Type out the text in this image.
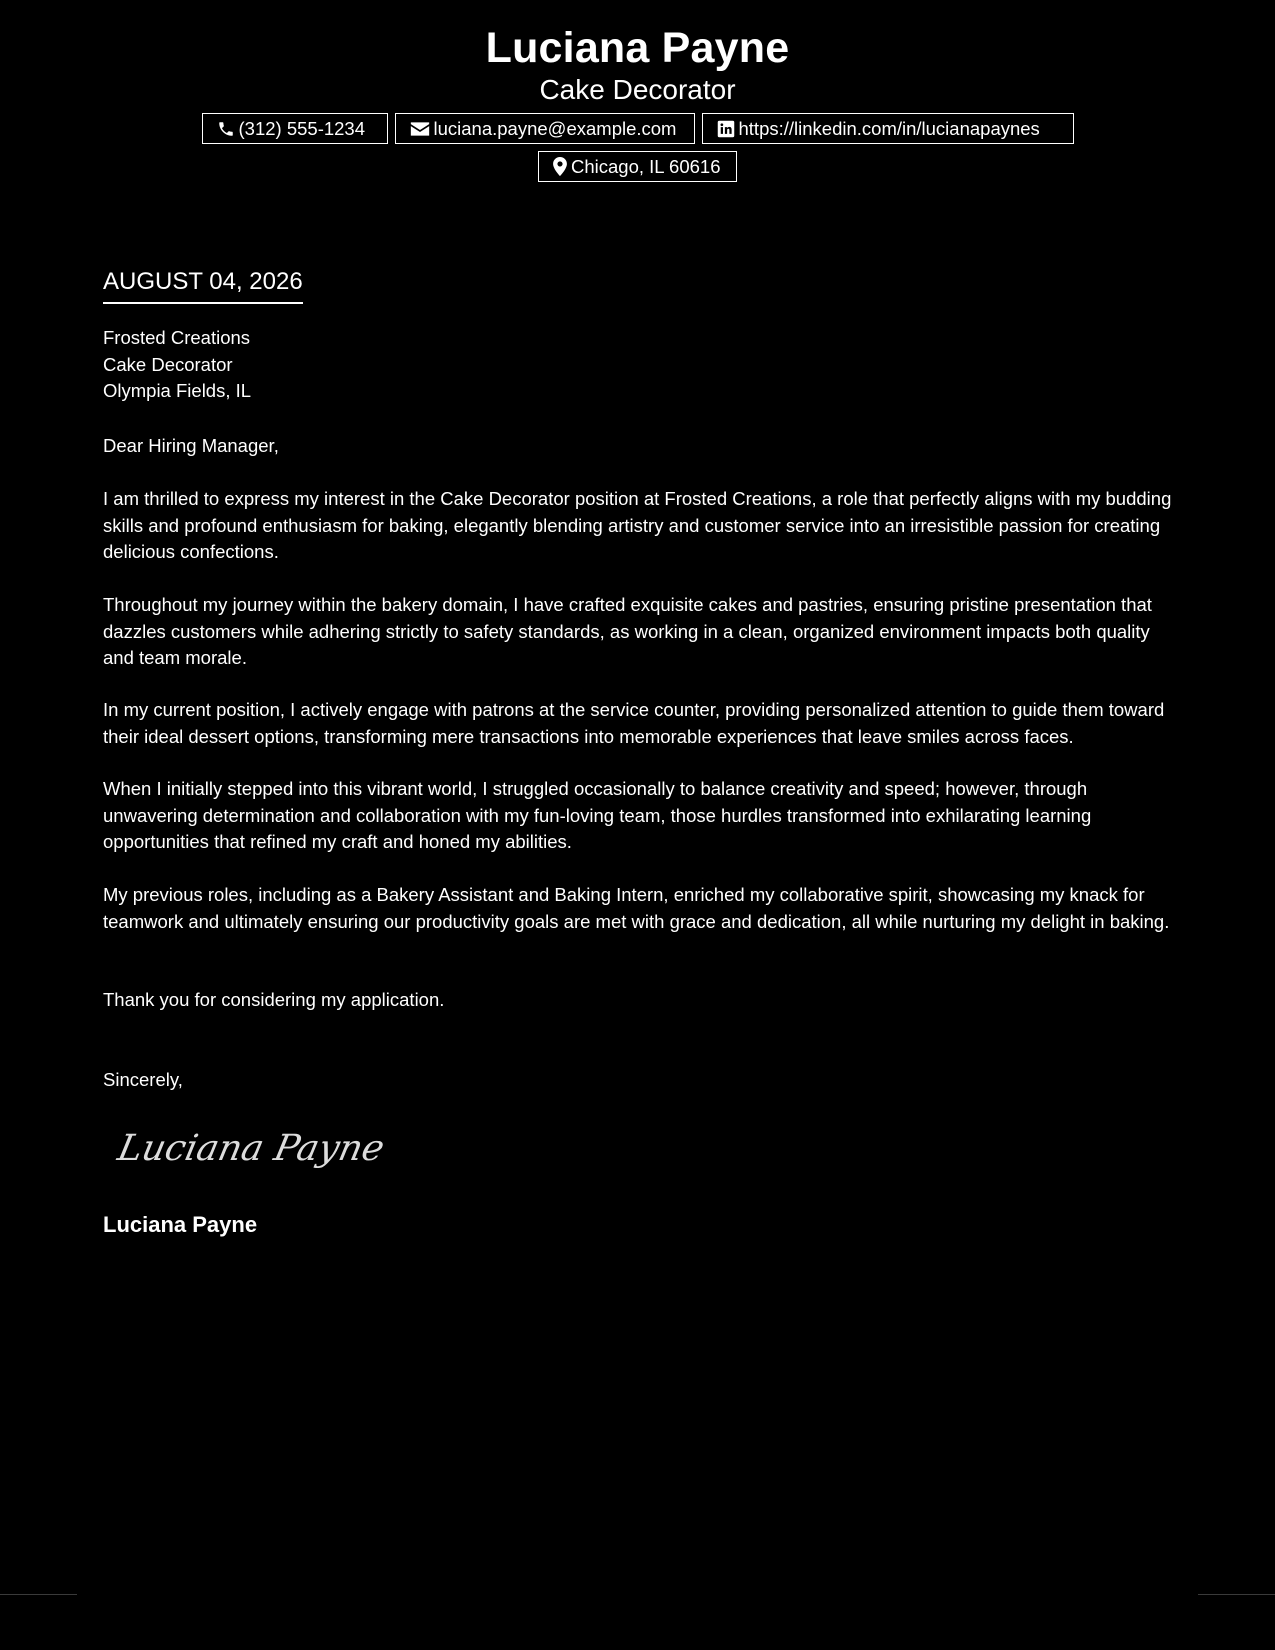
Luciana Payne
Cake Decorator
(312) 555-1234	luciana.payne@example.com	https://linkedin.com/in/lucianapaynes
Chicago, IL 60616
AUGUST 04, 2026
Frosted Creations
Cake Decorator
Olympia Fields, IL

Dear Hiring Manager,

I am thrilled to express my interest in the Cake Decorator position at Frosted Creations, a role that perfectly aligns with my budding skills and profound enthusiasm for baking, elegantly blending artistry and customer service into an irresistible passion for creating delicious confections.

Throughout my journey within the bakery domain, I have crafted exquisite cakes and pastries, ensuring pristine presentation that dazzles customers while adhering strictly to safety standards, as working in a clean, organized environment impacts both quality and team morale.

In my current position, I actively engage with patrons at the service counter, providing personalized attention to guide them toward their ideal dessert options, transforming mere transactions into memorable experiences that leave smiles across faces.

When I initially stepped into this vibrant world, I struggled occasionally to balance creativity and speed; however, through unwavering determination and collaboration with my fun-loving team, those hurdles transformed into exhilarating learning opportunities that refined my craft and honed my abilities.

My previous roles, including as a Bakery Assistant and Baking Intern, enriched my collaborative spirit, showcasing my knack for teamwork and ultimately ensuring our productivity goals are met with grace and dedication, all while nurturing my delight in baking.

Thank you for considering my application.

Sincerely,

Luciana Payne
Luciana Payne
